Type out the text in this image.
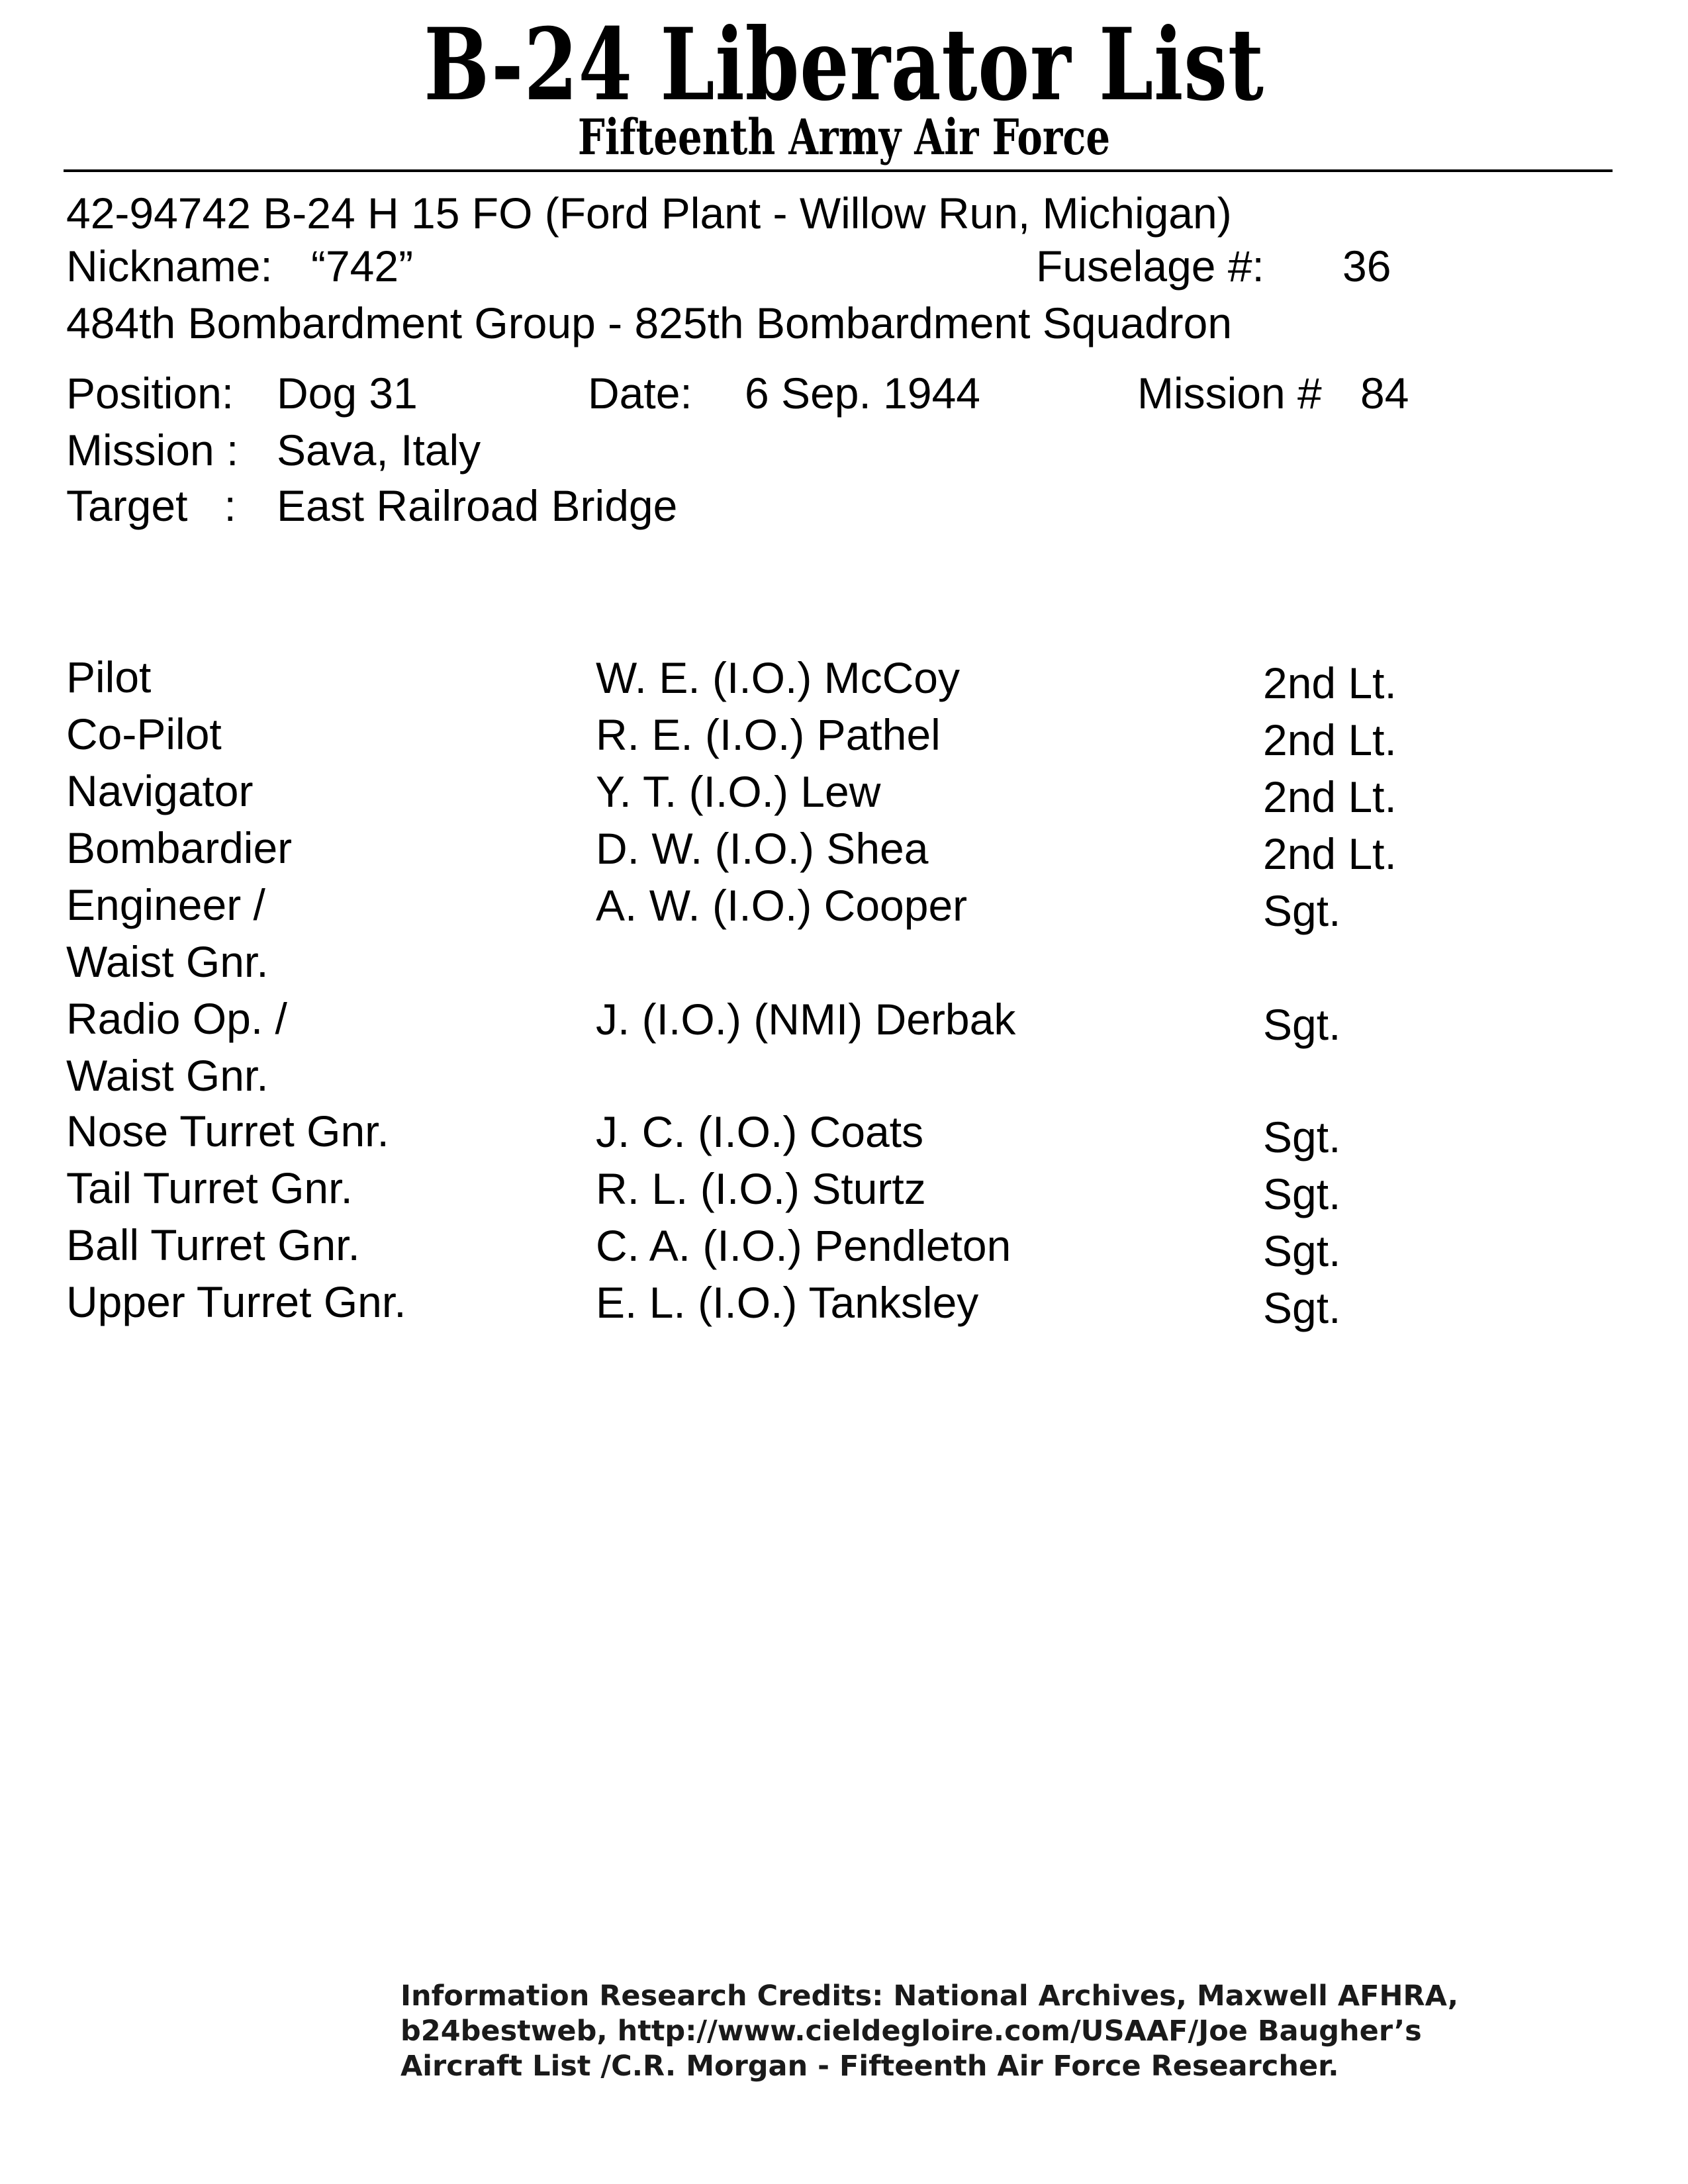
B-24 Liberator List
Fifteenth Army Air Force
42-94742 B-24 H 15 FO (Ford Plant - Willow Run, Michigan)
Nickname: “742”	Fuselage #: 36
484th Bombardment Group - 825th Bombardment Squadron
Position: Dog 31	Date: 6 Sep. 1944	Mission # 84
Mission : Sava, Italy
Target   : East Railroad Bridge
Pilot	W. E. (I.O.) McCoy	2nd Lt.
Co-Pilot	R. E. (I.O.) Pathel	2nd Lt.
Navigator	Y. T. (I.O.) Lew	2nd Lt.
Bombardier	D. W. (I.O.) Shea	2nd Lt.
Engineer /
Waist Gnr.
A. W. (I.O.) Cooper	Sgt.
Radio Op. /
Waist Gnr.
J. (I.O.) (NMI) Derbak	Sgt.
Nose Turret Gnr.	J. C. (I.O.) Coats	Sgt.
Tail Turret Gnr.	R. L. (I.O.) Sturtz	Sgt.
Ball Turret Gnr.	C. A. (I.O.) Pendleton	Sgt.
Upper Turret Gnr.	E. L. (I.O.) Tanksley	Sgt.
Information Research Credits: National Archives, Maxwell AFHRA,
b24bestweb, http://www.cieldegloire.com/USAAF/Joe Baugher’s
Aircraft List /C.R. Morgan - Fifteenth Air Force Researcher.
